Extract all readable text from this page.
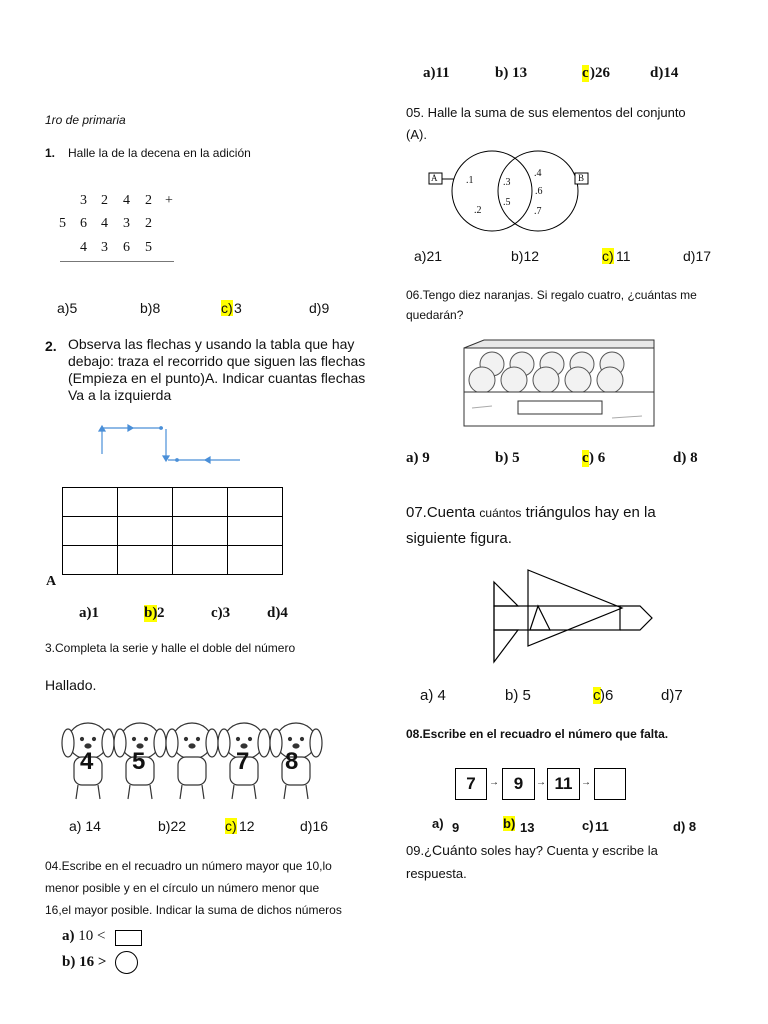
1ro de primaria
1. Halle la de la decena en la adición
3 2 4 2 +
5 6 4 3 2
4 3 6 5
a)5	b)8	c) 3	d)9
2. Observa las flechas y usando la tabla que hay
debajo: traza el recorrido que siguen las flechas
(Empieza en el punto)A. Indicar cuantas flechas
Va a la izquierda

A
a)1	b) 2	c)3 d)4
3.Completa la serie y halle el doble del número
Hallado.
4 5	7 8
a) 14	b)22	c) 12	d)16
04.Escribe en el recuadro un número mayor que 10,lo
menor posible y en el círculo un número menor que
16,el mayor posible. Indicar la suma de dichos números
a) 10 <
b) 16 >
a)11	b) 13	c )26	d)14
05. Halle la suma de sus elementos del conjunto
(A).
A	B
.1
.2
.3
.5
.4
.6
.7
a)21	b)12	c) 11	d)17
06.Tengo diez naranjas. Si regalo cuatro, ¿cuántas me
quedarán?
a) 9	b) 5	c ) 6	d) 8
07.Cuenta cuántos triángulos hay en la
siguiente figura.
a) 4	b) 5	c )6	d)7
08.Escribe en el recuadro el número que falta.
7	→ 9	→ 11 →
a) 9	b) 13	c) 11	d) 8
09.¿Cuánto soles hay? Cuenta y escribe la
respuesta.
